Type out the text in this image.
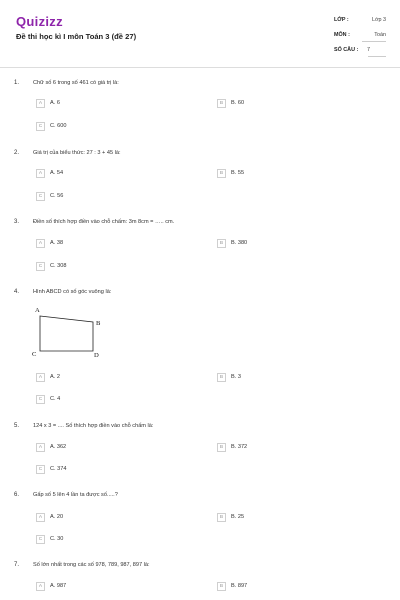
Quizizz
Đề thi học kì I môn Toán 3 (đề 27)
LỚP :	Lớp 3
MÔN :	Toán
SỐ CÂU : 7
1. Chữ số 6 trong số 461 có giá trị là:
A	A. 6	B	B. 60
C	C. 600
2. Giá trị của biểu thức: 27 : 3 + 45 là:
A	A. 54	B	B. 55
C	C. 56
3. Điền số thích hợp điền vào chỗ chấm: 3m 8cm = ….. cm.
A	A. 38	B	B. 380
C	C. 308
4. Hình ABCD có số góc vuông là:
A
B
C	D
A	A. 2	B	B. 3
C	C. 4
5. 124 x 3 = .... Số thích hợp điền vào chỗ chấm là:
A	A. 362	B	B. 372
C	C. 374
6. Gấp số 5 lên 4 lần ta được số.....?
A	A. 20	B	B. 25
C	C. 30
7. Số lớn nhất trong các số 978, 789, 987, 897 là:
A	A. 987	B	B. 897
